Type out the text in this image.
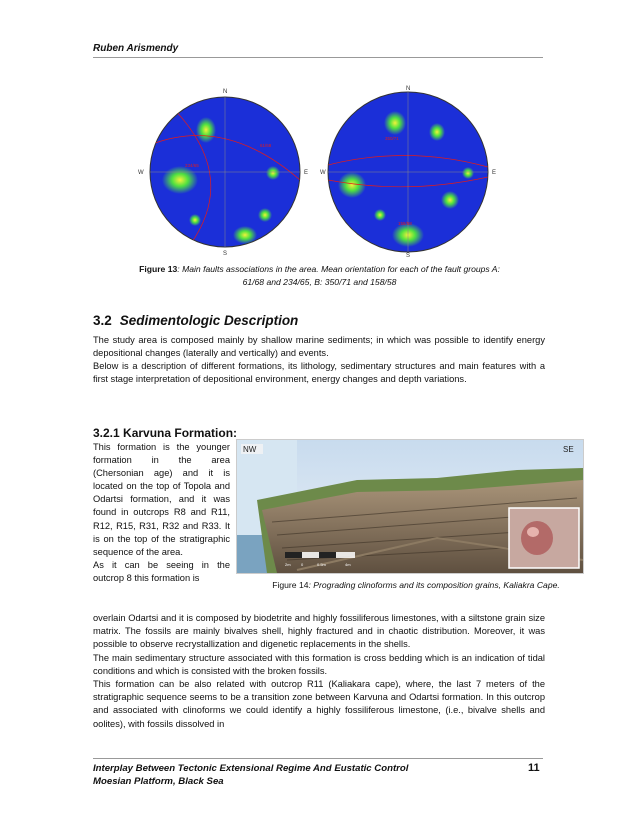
Ruben Arismendy
N
W	E
S
61/68
234/65
N
W	E
S
350/71
158/58
Figure 13: Main faults associations in the area. Mean orientation for each of the fault groups A:
61/68 and 234/65, B: 350/71 and 158/58
3.2 Sedimentologic Description
The study area is composed mainly by shallow marine sediments; in which was possible to identify energy depositional changes (laterally and vertically) and events.
Below is a description of different formations, its lithology, sedimentary structures and main features with a first stage interpretation of depositional environment, energy changes and depth variations.
3.2.1 Karvuna Formation:
This formation is the younger formation in the area (Chersonian age) and it is located on the top of Topola and Odartsi formation, and it was found in outcrops R8 and R11, R12, R15, R31, R32 and R33. It is on the top of the stratigraphic sequence of the area.
As it can be seeing in the outcrop 8 this formation is
NW	SE
2m	0	0.5m	4m
Figure 14: Prograding clinoforms and its composition grains, Kaliakra Cape.
overlain Odartsi and it is composed by biodetrite and highly fossiliferous limestones, with a siltstone grain size matrix. The fossils are mainly bivalves shell, highly fractured and in chaotic distribution. Moreover, it was possible to observe recrystallization and digenetic replacements in the shells.
The main sedimentary structure associated with this formation is cross bedding which is an indication of tidal conditions and which is consisted with the broken fossils.
This formation can be also related with outcrop R11 (Kaliakara cape), where, the last 7 meters of the stratigraphic sequence seems to be a transition zone between Karvuna and Odartsi formation. In this outcrop and associated with clinoforms we could identify a highly fossiliferous limestone, (i.e., bivalve shells and oolites), with fossils dissolved in
Interplay Between Tectonic Extensional Regime And Eustatic Control
Moesian Platform, Black Sea
11
